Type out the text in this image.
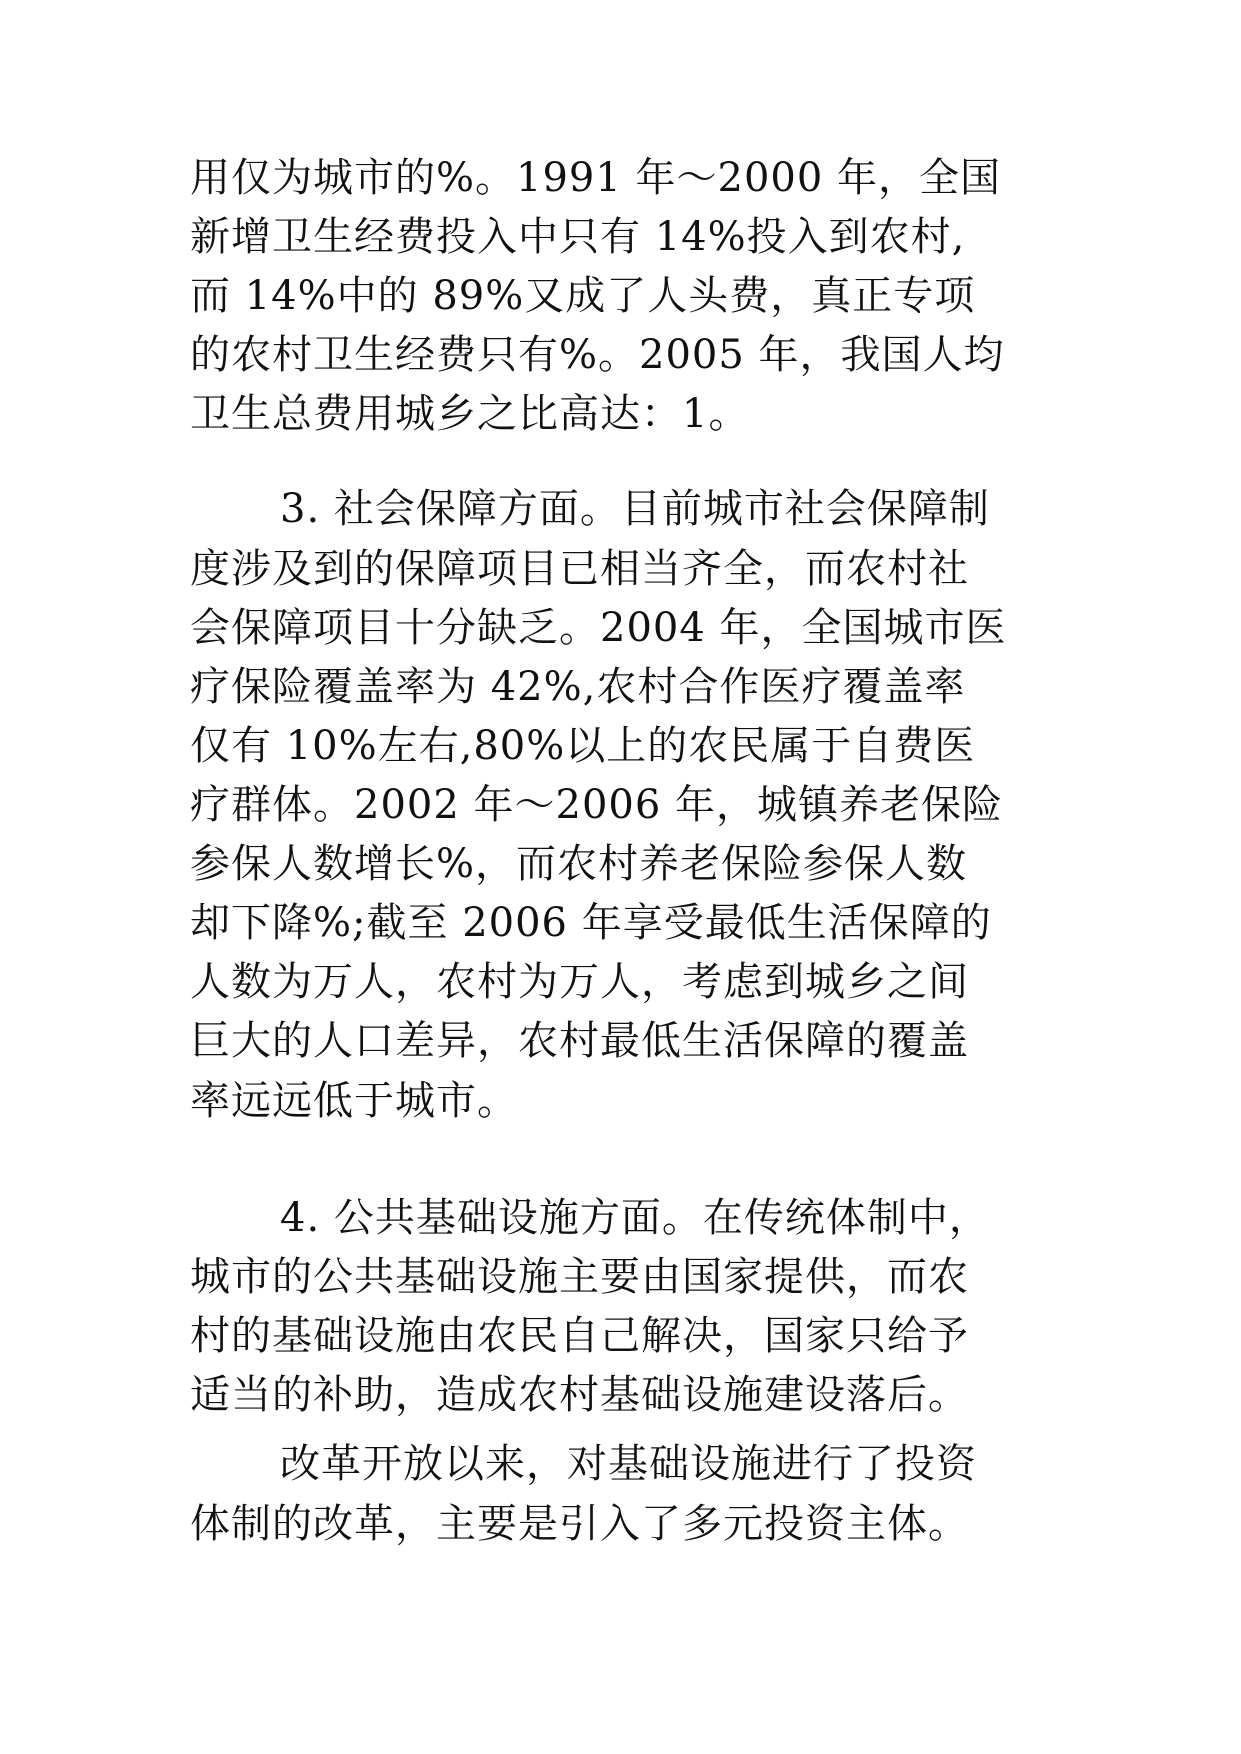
用仅为城市的%。1991 年～2000 年，全国
新增卫生经费投入中只有 14%投入到农村,
而 14%中的 89%又成了人头费，真正专项
的农村卫生经费只有%。2005 年，我国人均
卫生总费用城乡之比高达：1。
3. 社会保障方面。目前城市社会保障制
度涉及到的保障项目已相当齐全，而农村社
会保障项目十分缺乏。2004 年，全国城市医
疗保险覆盖率为 42%,农村合作医疗覆盖率
仅有 10%左右,80%以上的农民属于自费医
疗群体。2002 年～2006 年，城镇养老保险
参保人数增长%，而农村养老保险参保人数
却下降%;截至 2006 年享受最低生活保障的
人数为万人，农村为万人，考虑到城乡之间
巨大的人口差异，农村最低生活保障的覆盖
率远远低于城市。
4. 公共基础设施方面。在传统体制中，
城市的公共基础设施主要由国家提供，而农
村的基础设施由农民自己解决，国家只给予
适当的补助，造成农村基础设施建设落后。
改革开放以来，对基础设施进行了投资
体制的改革，主要是引入了多元投资主体。
